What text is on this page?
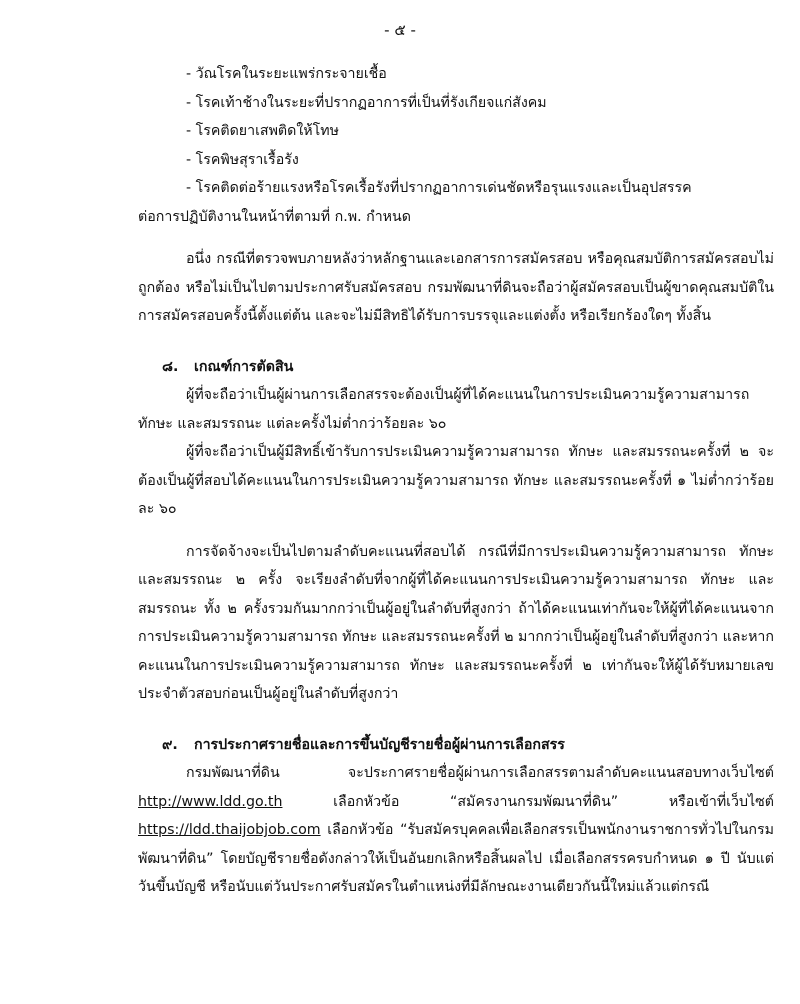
- ๕ -

- วัณโรคในระยะแพร่กระจายเชื้อ

- โรคเท้าช้างในระยะที่ปรากฏอาการที่เป็นที่รังเกียจแก่สังคม

- โรคติดยาเสพติดให้โทษ

- โรคพิษสุราเรื้อรัง

- โรคติดต่อร้ายแรงหรือโรคเรื้อรังที่ปรากฏอาการเด่นชัดหรือรุนแรงและเป็นอุปสรรค

ต่อการปฏิบัติงานในหน้าที่ตามที่ ก.พ. กำหนด

อนึ่ง กรณีที่ตรวจพบภายหลังว่าหลักฐานและเอกสารการสมัครสอบ หรือคุณสมบัติการสมัครสอบไม่ถูกต้อง หรือไม่เป็นไปตามประกาศรับสมัครสอบ กรมพัฒนาที่ดินจะถือว่าผู้สมัครสอบเป็นผู้ขาดคุณสมบัติในการสมัครสอบครั้งนี้ตั้งแต่ต้น และจะไม่มีสิทธิได้รับการบรรจุและแต่งตั้ง หรือเรียกร้องใดๆ ทั้งสิ้น

๘. เกณฑ์การตัดสิน

ผู้ที่จะถือว่าเป็นผู้ผ่านการเลือกสรรจะต้องเป็นผู้ที่ได้คะแนนในการประเมินความรู้ความสามารถ ทักษะ และสมรรถนะ แต่ละครั้งไม่ต่ำกว่าร้อยละ ๖๐

ผู้ที่จะถือว่าเป็นผู้มีสิทธิ์เข้ารับการประเมินความรู้ความสามารถ ทักษะ และสมรรถนะครั้งที่ ๒ จะต้องเป็นผู้ที่สอบได้คะแนนในการประเมินความรู้ความสามารถ ทักษะ และสมรรถนะครั้งที่ ๑ ไม่ต่ำกว่าร้อยละ ๖๐

การจัดจ้างจะเป็นไปตามลำดับคะแนนที่สอบได้ กรณีที่มีการประเมินความรู้ความสามารถ ทักษะ และสมรรถนะ ๒ ครั้ง จะเรียงลำดับที่จากผู้ที่ได้คะแนนการประเมินความรู้ความสามารถ ทักษะ และสมรรถนะ ทั้ง ๒ ครั้งรวมกันมากกว่าเป็นผู้อยู่ในลำดับที่สูงกว่า ถ้าได้คะแนนเท่ากันจะให้ผู้ที่ได้คะแนนจากการประเมินความรู้ความสามารถ ทักษะ และสมรรถนะครั้งที่ ๒ มากกว่าเป็นผู้อยู่ในลำดับที่สูงกว่า และหากคะแนนในการประเมินความรู้ความสามารถ ทักษะ และสมรรถนะครั้งที่ ๒ เท่ากันจะให้ผู้ได้รับหมายเลขประจำตัวสอบก่อนเป็นผู้อยู่ในลำดับที่สูงกว่า

๙. การประกาศรายชื่อและการขึ้นบัญชีรายชื่อผู้ผ่านการเลือกสรร

กรมพัฒนาที่ดิน จะประกาศรายชื่อผู้ผ่านการเลือกสรรตามลำดับคะแนนสอบทางเว็บไซต์ http://www.ldd.go.th เลือกหัวข้อ “สมัครงานกรมพัฒนาที่ดิน” หรือเข้าที่เว็บไซต์ https://ldd.thaijobjob.com เลือกหัวข้อ “รับสมัครบุคคลเพื่อเลือกสรรเป็นพนักงานราชการทั่วไปในกรมพัฒนาที่ดิน” โดยบัญชีรายชื่อดังกล่าวให้เป็นอันยกเลิกหรือสิ้นผลไป เมื่อเลือกสรรครบกำหนด ๑ ปี นับแต่วันขึ้นบัญชี หรือนับแต่วันประกาศรับสมัครในตำแหน่งที่มีลักษณะงานเดียวกันนี้ใหม่แล้วแต่กรณี
